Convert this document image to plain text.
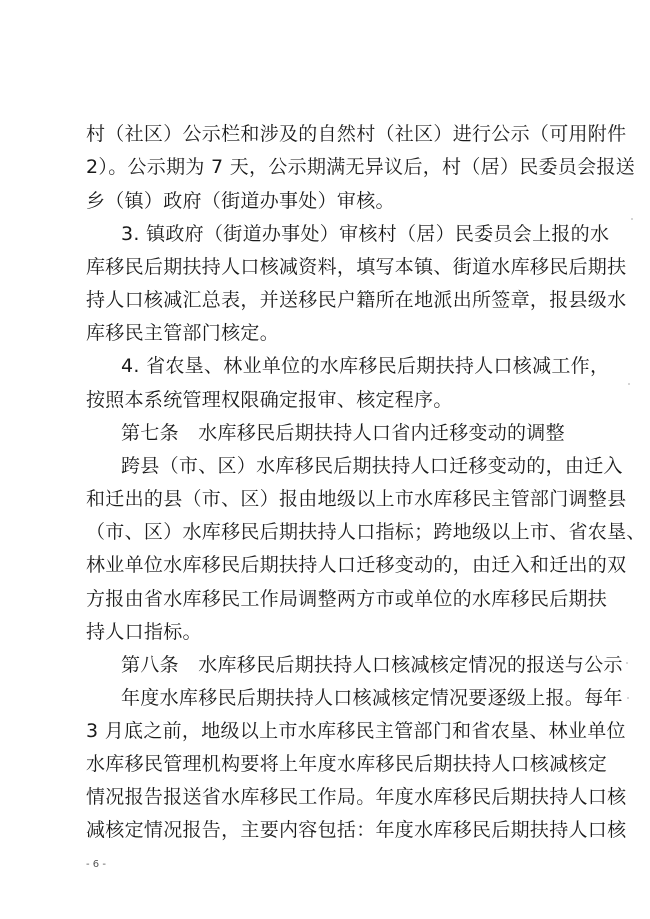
村（社区）公示栏和涉及的自然村（社区）进行公示（可用附件
2）。公示期为 7 天，公示期满无异议后，村（居）民委员会报送
乡（镇）政府（街道办事处）审核。
3. 镇政府（街道办事处）审核村（居）民委员会上报的水
库移民后期扶持人口核减资料，填写本镇、街道水库移民后期扶
持人口核减汇总表，并送移民户籍所在地派出所签章，报县级水
库移民主管部门核定。
4. 省农垦、林业单位的水库移民后期扶持人口核减工作，
按照本系统管理权限确定报审、核定程序。
第七条　水库移民后期扶持人口省内迁移变动的调整
跨县（市、区）水库移民后期扶持人口迁移变动的，由迁入
和迁出的县（市、区）报由地级以上市水库移民主管部门调整县
（市、区）水库移民后期扶持人口指标；跨地级以上市、省农垦、
林业单位水库移民后期扶持人口迁移变动的，由迁入和迁出的双
方报由省水库移民工作局调整两方市或单位的水库移民后期扶
持人口指标。
第八条　水库移民后期扶持人口核减核定情况的报送与公示
年度水库移民后期扶持人口核减核定情况要逐级上报。每年
3 月底之前，地级以上市水库移民主管部门和省农垦、林业单位
水库移民管理机构要将上年度水库移民后期扶持人口核减核定
情况报告报送省水库移民工作局。年度水库移民后期扶持人口核
减核定情况报告，主要内容包括：年度水库移民后期扶持人口核
- 6 -
